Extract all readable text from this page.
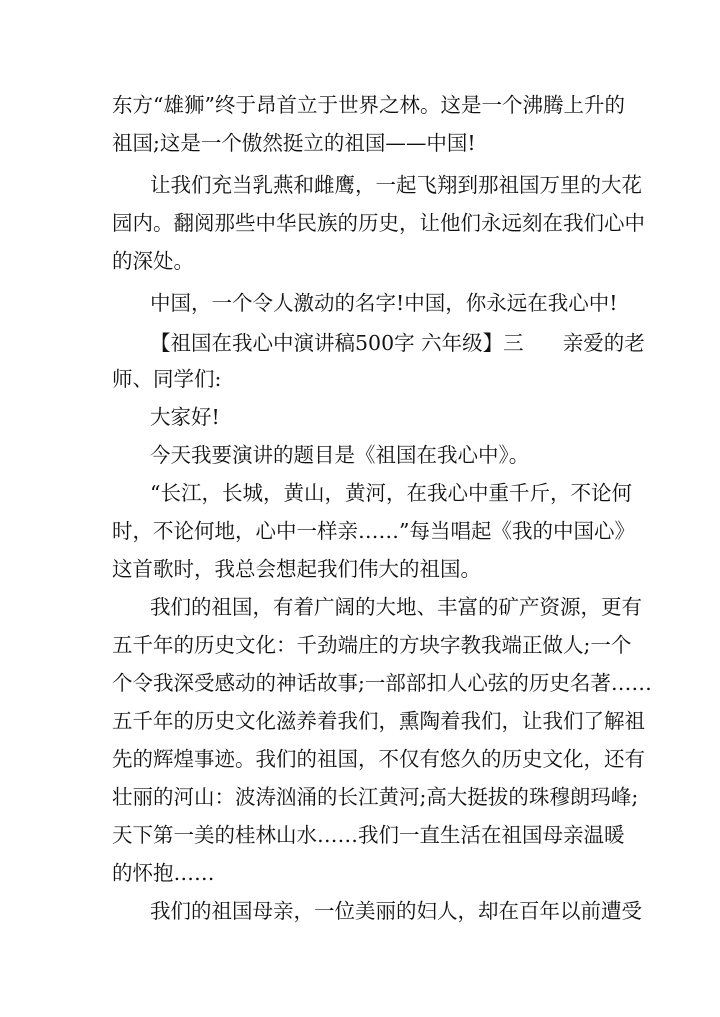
东方“雄狮”终于昂首立于世界之林。这是一个沸腾上升的
祖国;这是一个傲然挺立的祖国——中国!
让我们充当乳燕和雌鹰，一起飞翔到那祖国万里的大花
园内。翻阅那些中华民族的历史，让他们永远刻在我们心中
的深处。
中国，一个令人激动的名字!中国，你永远在我心中!
【祖国在我心中演讲稿500字 六年级】三      亲爱的老
师、同学们:
大家好!
今天我要演讲的题目是《祖国在我心中》。
“长江，长城，黄山，黄河，在我心中重千斤，不论何
时，不论何地，心中一样亲……”每当唱起《我的中国心》
这首歌时，我总会想起我们伟大的祖国。
我们的祖国，有着广阔的大地、丰富的矿产资源，更有
五千年的历史文化：千劲端庄的方块字教我端正做人;一个
个令我深受感动的神话故事;一部部扣人心弦的历史名著……
五千年的历史文化滋养着我们，熏陶着我们，让我们了解祖
先的辉煌事迹。我们的祖国，不仅有悠久的历史文化，还有
壮丽的河山：波涛汹涌的长江黄河;高大挺拔的珠穆朗玛峰;
天下第一美的桂林山水……我们一直生活在祖国母亲温暖
的怀抱……
我们的祖国母亲，一位美丽的妇人，却在百年以前遭受
